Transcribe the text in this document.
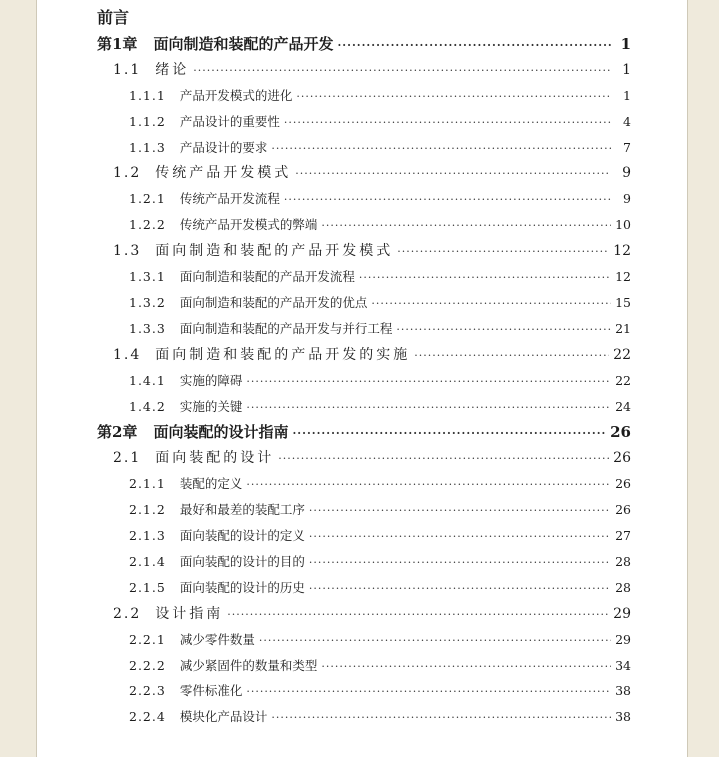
前言
第1章 面向制造和装配的产品开发 ·····	1
1.1 绪论 ·····	1
1.1.1 产品开发模式的进化 ·····	1
1.1.2 产品设计的重要性 ·····	4
1.1.3 产品设计的要求 ·····	7
1.2 传统产品开发模式 ·····	9
1.2.1 传统产品开发流程 ·····	9
1.2.2 传统产品开发模式的弊端 ·····	10
1.3 面向制造和装配的产品开发模式 ·····	12
1.3.1 面向制造和装配的产品开发流程 ·····	12
1.3.2 面向制造和装配的产品开发的优点 ·····	15
1.3.3 面向制造和装配的产品开发与并行工程 ·····	21
1.4 面向制造和装配的产品开发的实施 ·····	22
1.4.1 实施的障碍 ·····	22
1.4.2 实施的关键 ·····	24
第2章 面向装配的设计指南 ·····	26
2.1 面向装配的设计 ·····	26
2.1.1 装配的定义 ·····	26
2.1.2 最好和最差的装配工序 ·····	26
2.1.3 面向装配的设计的定义 ·····	27
2.1.4 面向装配的设计的目的 ·····	28
2.1.5 面向装配的设计的历史 ·····	28
2.2 设计指南 ·····	29
2.2.1 减少零件数量 ·····	29
2.2.2 减少紧固件的数量和类型 ·····	34
2.2.3 零件标准化 ·····	38
2.2.4 模块化产品设计 ·····	38
